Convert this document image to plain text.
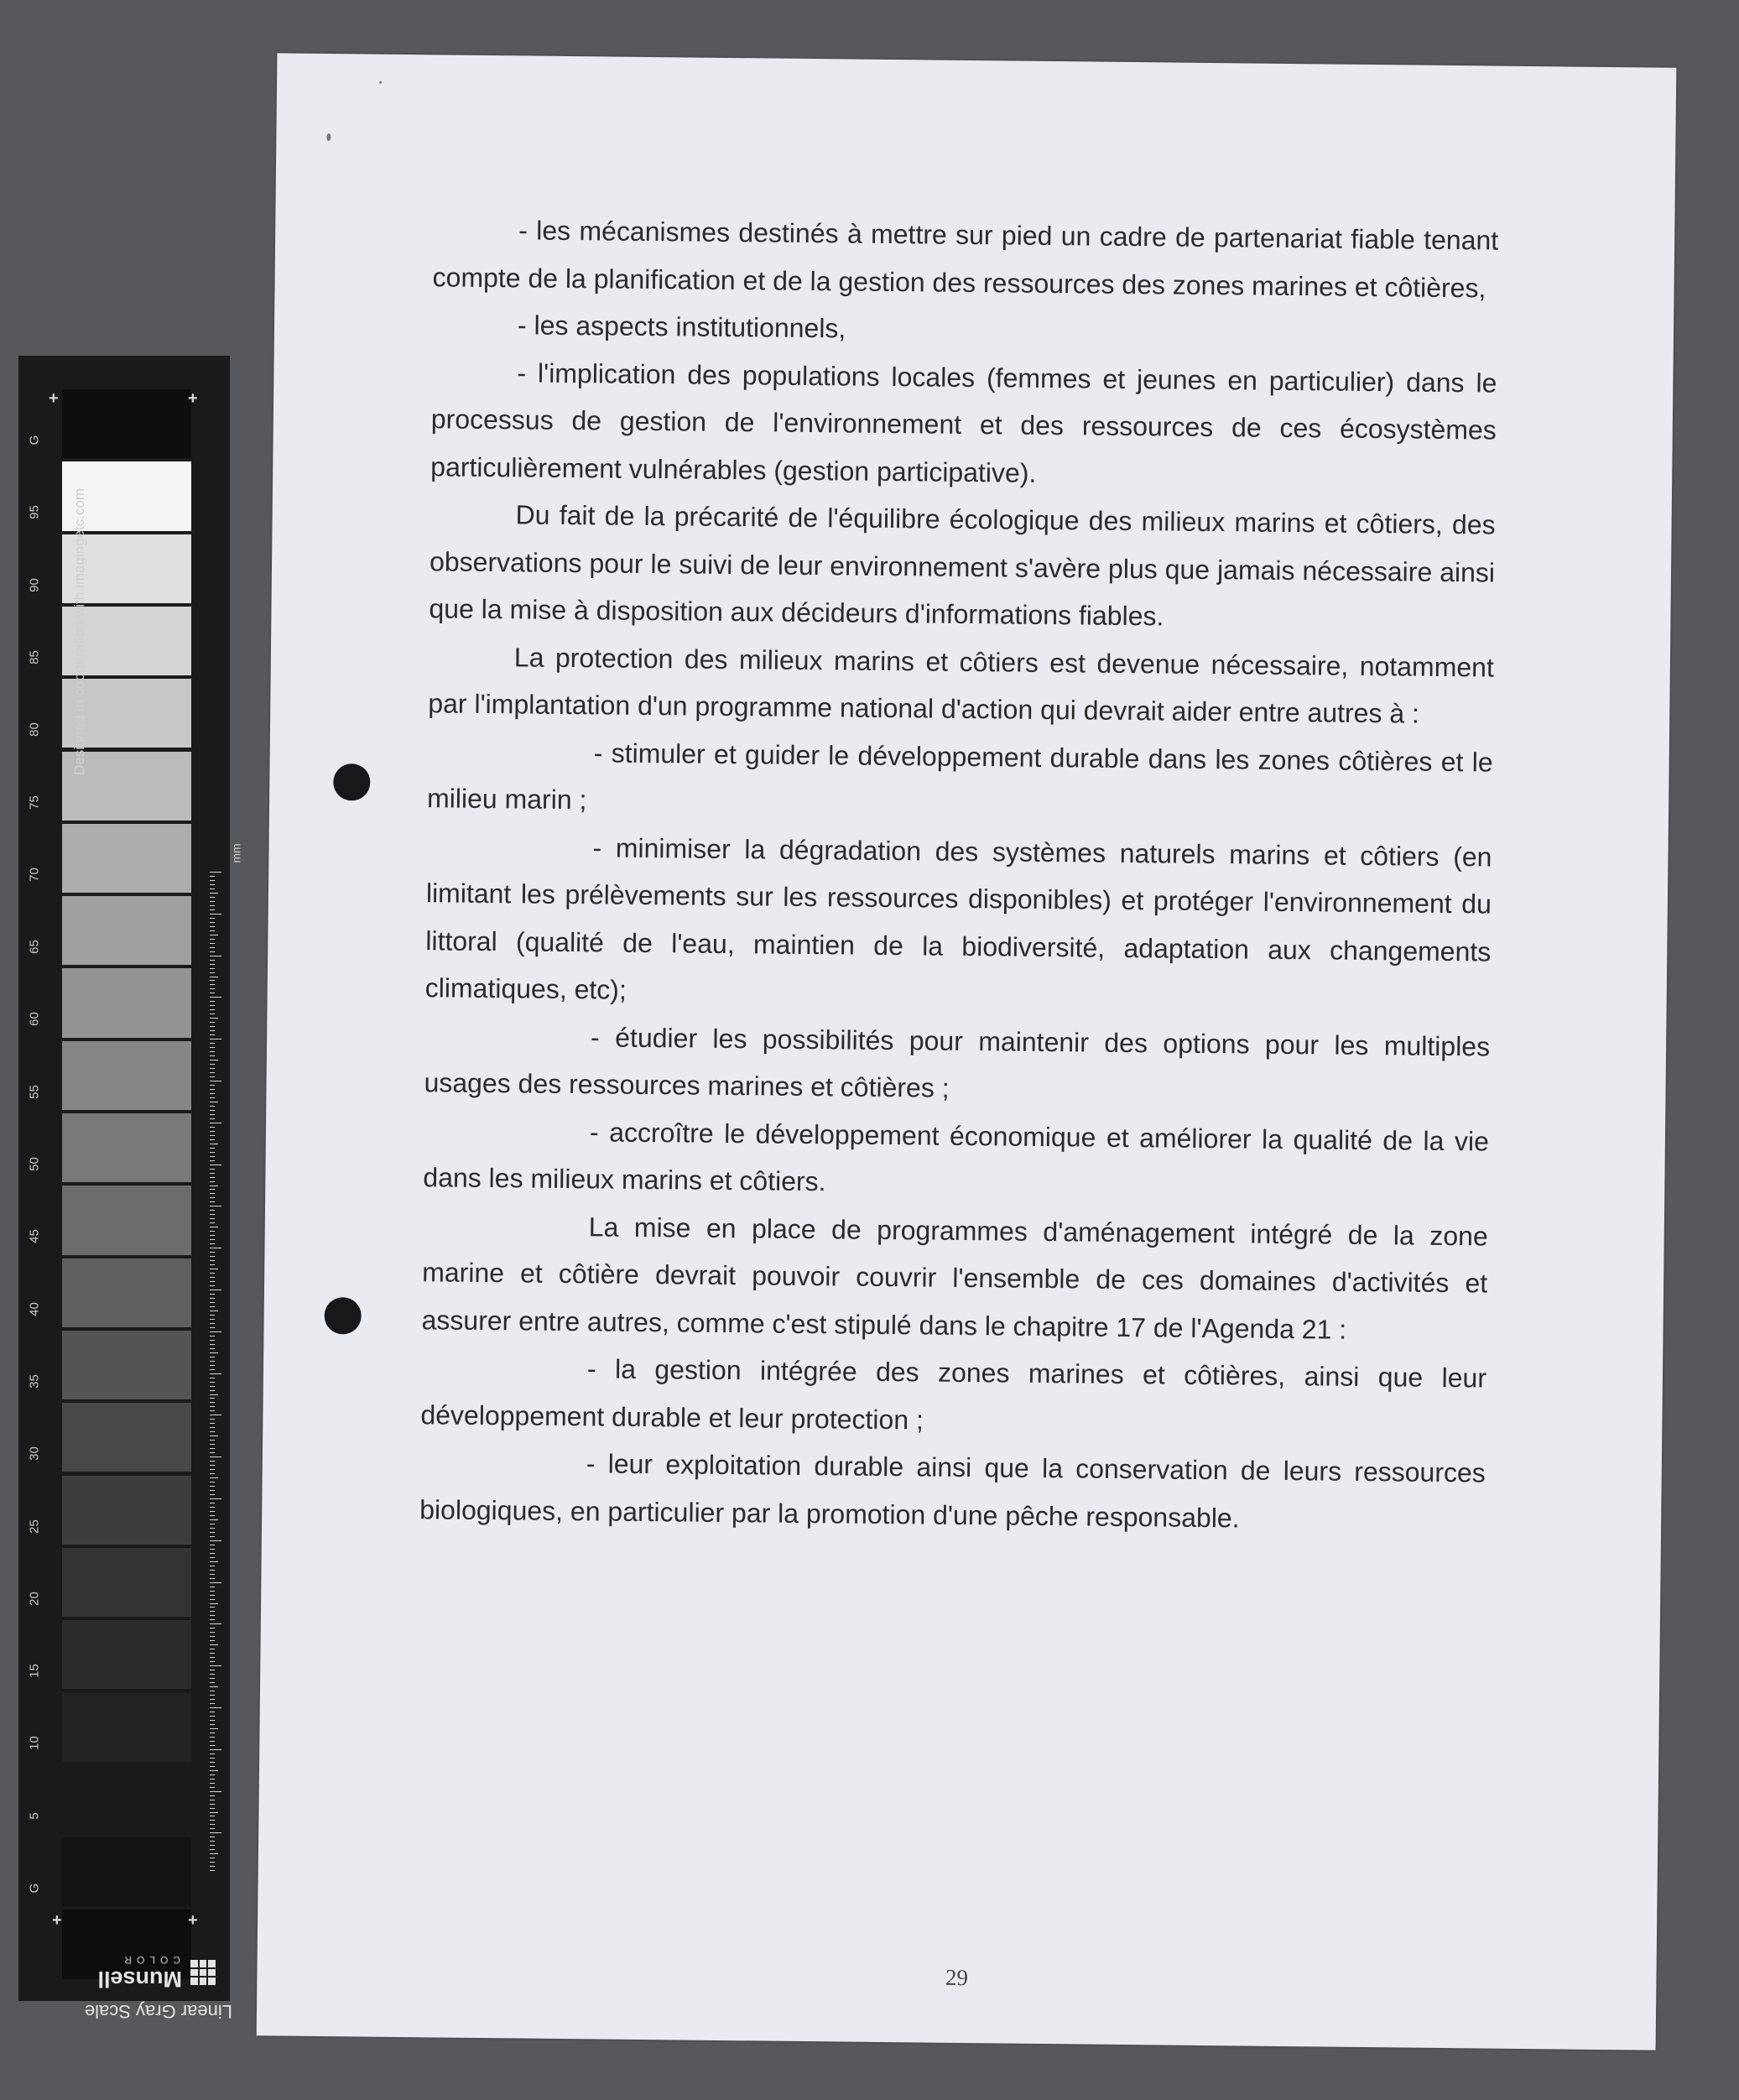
G
95
90
85
80
75
70
65
60
55
50
45
40
35
30
25
20
15
10
5
G
+	+
+	+
Designed in cooperation with imagingetc.com
mm
Munsell
COLOR
Linear Gray Scale

- les mécanismes destinés à mettre sur pied un cadre de partenariat fiable tenant compte de la planification et de la gestion des ressources des zones marines et côtières,

- les aspects institutionnels,

- l'implication des populations locales (femmes et jeunes en particulier) dans le processus de gestion de l'environnement et des ressources de ces écosystèmes particulièrement vulnérables (gestion participative).

Du fait de la précarité de l'équilibre écologique des milieux marins et côtiers, des observations pour le suivi de leur environnement s'avère plus que jamais nécessaire ainsi que la mise à disposition aux décideurs d'informations fiables.

La protection des milieux marins et côtiers est devenue nécessaire, notamment par l'implantation d'un programme national d'action qui devrait aider entre autres à :

- stimuler et guider le développement durable dans les zones côtières et le milieu marin ;

- minimiser la dégradation des systèmes naturels marins et côtiers (en limitant les prélèvements sur les ressources disponibles) et protéger l'environnement du littoral (qualité de l'eau, maintien de la biodiversité, adaptation aux changements climatiques, etc);

- étudier les possibilités pour maintenir des options pour les multiples usages des ressources marines et côtières ;

- accroître le développement économique et améliorer la qualité de la vie dans les milieux marins et côtiers.

La mise en place de programmes d'aménagement intégré de la zone marine et côtière devrait pouvoir couvrir l'ensemble de ces domaines d'activités et assurer entre autres, comme c'est stipulé dans le chapitre 17 de l'Agenda 21 :

- la gestion intégrée des zones marines et côtières, ainsi que leur développement durable et leur protection ;

- leur exploitation durable ainsi que la conservation de leurs ressources biologiques, en particulier par la promotion d'une pêche responsable.

29
